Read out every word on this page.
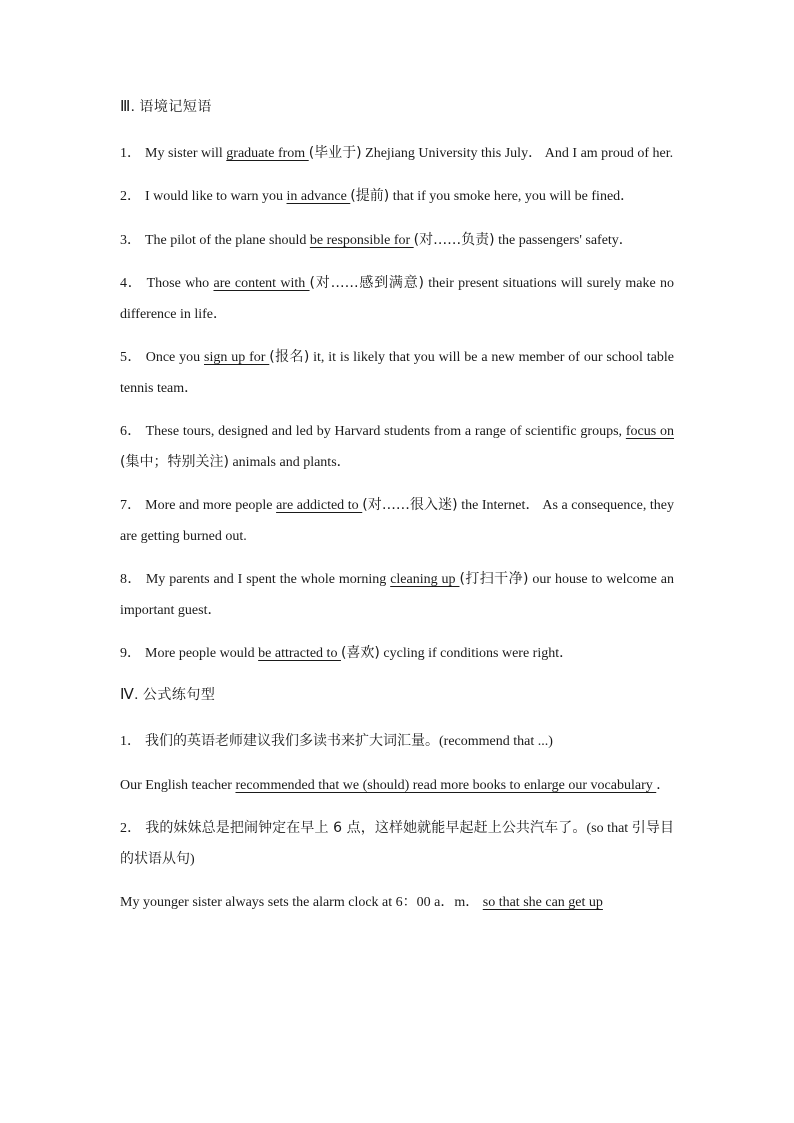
Ⅲ. 语境记短语
1． My sister will graduate from (毕业于) Zhejiang University this July． And I am proud of her.
2． I would like to warn you in advance (提前) that if you smoke here, you will be fined．
3． The pilot of the plane should be responsible for (对……负责) the passengers' safety．
4． Those who are content with (对……感到满意) their present situations will surely make no difference in life．
5． Once you sign up for (报名) it, it is likely that you will be a new member of our school table tennis team．
6． These tours, designed and led by Harvard students from a range of scientific groups, focus on (集中；特别关注) animals and plants．
7． More and more people are addicted to (对……很入迷) the Internet． As a consequence, they are getting burned out.
8． My parents and I spent the whole morning cleaning up (打扫干净) our house to welcome an important guest．
9． More people would be attracted to (喜欢) cycling if conditions were right．
Ⅳ. 公式练句型
1． 我们的英语老师建议我们多读书来扩大词汇量。(recommend that ...)
Our English teacher recommended that we (should) read more books to enlarge our vocabulary ．
2． 我的妹妹总是把闹钟定在早上 6 点，这样她就能早起赶上公共汽车了。(so that 引导目的状语从句)
My younger sister always sets the alarm clock at 6：00 a．m． so that she can get up
